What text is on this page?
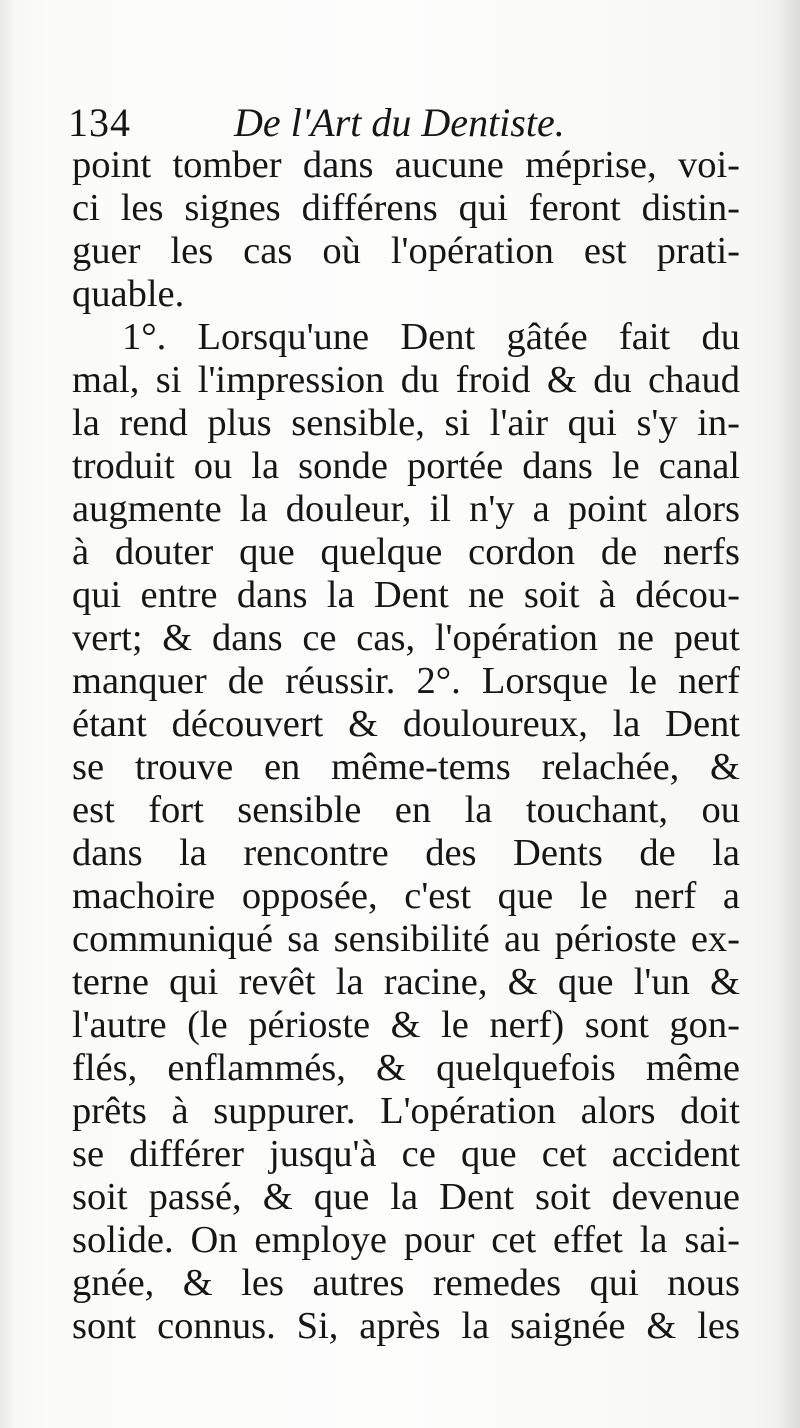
134	De l'Art du Dentiste.
point tomber dans aucune méprise, voi-
ci les signes différens qui feront distin-
guer les cas où l'opération est prati-
quable.
1°. Lorsqu'une Dent gâtée fait du
mal, si l'impression du froid & du chaud
la rend plus sensible, si l'air qui s'y in-
troduit ou la sonde portée dans le canal
augmente la douleur, il n'y a point alors
à douter que quelque cordon de nerfs
qui entre dans la Dent ne soit à décou-
vert; & dans ce cas, l'opération ne peut
manquer de réussir. 2°. Lorsque le nerf
étant découvert & douloureux, la Dent
se trouve en même-tems relachée, &
est fort sensible en la touchant, ou
dans la rencontre des Dents de la
machoire opposée, c'est que le nerf a
communiqué sa sensibilité au périoste ex-
terne qui revêt la racine, & que l'un &
l'autre (le périoste & le nerf) sont gon-
flés, enflammés, & quelquefois même
prêts à suppurer. L'opération alors doit
se différer jusqu'à ce que cet accident
soit passé, & que la Dent soit devenue
solide. On employe pour cet effet la sai-
gnée, & les autres remedes qui nous
sont connus. Si, après la saignée & les
